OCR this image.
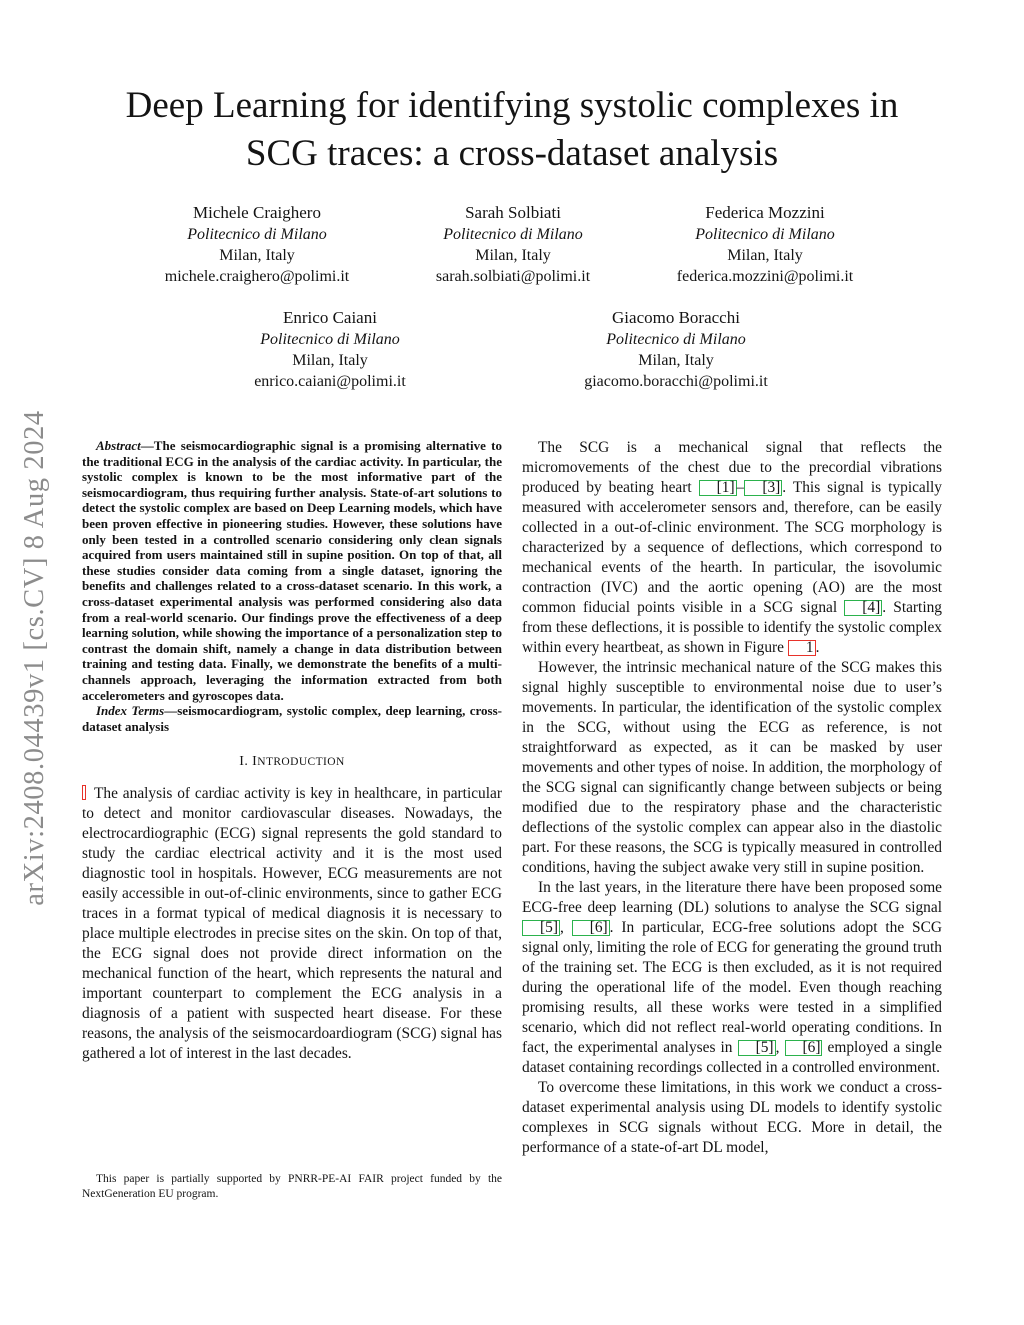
arXiv:2408.04439v1 [cs.CV] 8 Aug 2024
Deep Learning for identifying systolic complexes in
SCG traces: a cross-dataset analysis
Michele Craighero
Politecnico di Milano
Milan, Italy
michele.craighero@polimi.it
Sarah Solbiati
Politecnico di Milano
Milan, Italy
sarah.solbiati@polimi.it
Federica Mozzini
Politecnico di Milano
Milan, Italy
federica.mozzini@polimi.it
Enrico Caiani
Politecnico di Milano
Milan, Italy
enrico.caiani@polimi.it
Giacomo Boracchi
Politecnico di Milano
Milan, Italy
giacomo.boracchi@polimi.it

Abstract—The seismocardiographic signal is a promising alternative to the traditional ECG in the analysis of the cardiac activity. In particular, the systolic complex is known to be the most informative part of the seismocardiogram, thus requiring further analysis. State-of-art solutions to detect the systolic complex are based on Deep Learning models, which have been proven effective in pioneering studies. However, these solutions have only been tested in a controlled scenario considering only clean signals acquired from users maintained still in supine position. On top of that, all these studies consider data coming from a single dataset, ignoring the benefits and challenges related to a cross-dataset scenario. In this work, a cross-dataset experimental analysis was performed considering also data from a real-world scenario. Our findings prove the effectiveness of a deep learning solution, while showing the importance of a personalization step to contrast the domain shift, namely a change in data distribution between training and testing data. Finally, we demonstrate the benefits of a multi-channels approach, leveraging the information extracted from both accelerometers and gyroscopes data.

Index Terms—seismocardiogram, systolic complex, deep learning, cross-dataset analysis

I. INTRODUCTION

The analysis of cardiac activity is key in healthcare, in particular to detect and monitor cardiovascular diseases. Nowadays, the electrocardiographic (ECG) signal represents the gold standard to study the cardiac electrical activity and it is the most used diagnostic tool in hospitals. However, ECG measurements are not easily accessible in out-of-clinic environments, since to gather ECG traces in a format typical of medical diagnosis it is necessary to place multiple electrodes in precise sites on the skin. On top of that, the ECG signal does not provide direct information on the mechanical function of the heart, which represents the natural and important counterpart to complement the ECG analysis in a diagnosis of a patient with suspected heart disease. For these reasons, the analysis of the seismocardoardiogram (SCG) signal has gathered a lot of interest in the last decades.

This paper is partially supported by PNRR-PE-AI FAIR project funded by the NextGeneration EU program.

The SCG is a mechanical signal that reflects the micromovements of the chest due to the precordial vibrations produced by beating heart [1] – [3] . This signal is typically measured with accelerometer sensors and, therefore, can be easily collected in a out-of-clinic environment. The SCG morphology is characterized by a sequence of deflections, which correspond to mechanical events of the hearth. In particular, the isovolumic contraction (IVC) and the aortic opening (AO) are the most common fiducial points visible in a SCG signal [4] . Starting from these deflections, it is possible to identify the systolic complex within every heartbeat, as shown in Figure 1 .

However, the intrinsic mechanical nature of the SCG makes this signal highly susceptible to environmental noise due to user’s movements. In particular, the identification of the systolic complex in the SCG, without using the ECG as reference, is not straightforward as expected, as it can be masked by user movements and other types of noise. In addition, the morphology of the SCG signal can significantly change between subjects or being modified due to the respiratory phase and the characteristic deflections of the systolic complex can appear also in the diastolic part. For these reasons, the SCG is typically measured in controlled conditions, having the subject awake very still in supine position.

In the last years, in the literature there have been proposed some ECG-free deep learning (DL) solutions to analyse the SCG signal [5] , [6] . In particular, ECG-free solutions adopt the SCG signal only, limiting the role of ECG for generating the ground truth of the training set. The ECG is then excluded, as it is not required during the operational life of the model. Even though reaching promising results, all these works were tested in a simplified scenario, which did not reflect real-world operating conditions. In fact, the experimental analyses in [5] , [6] employed a single dataset containing recordings collected in a controlled environment.

To overcome these limitations, in this work we conduct a cross-dataset experimental analysis using DL models to identify systolic complexes in SCG signals without ECG. More in detail, the performance of a state-of-art DL model,
